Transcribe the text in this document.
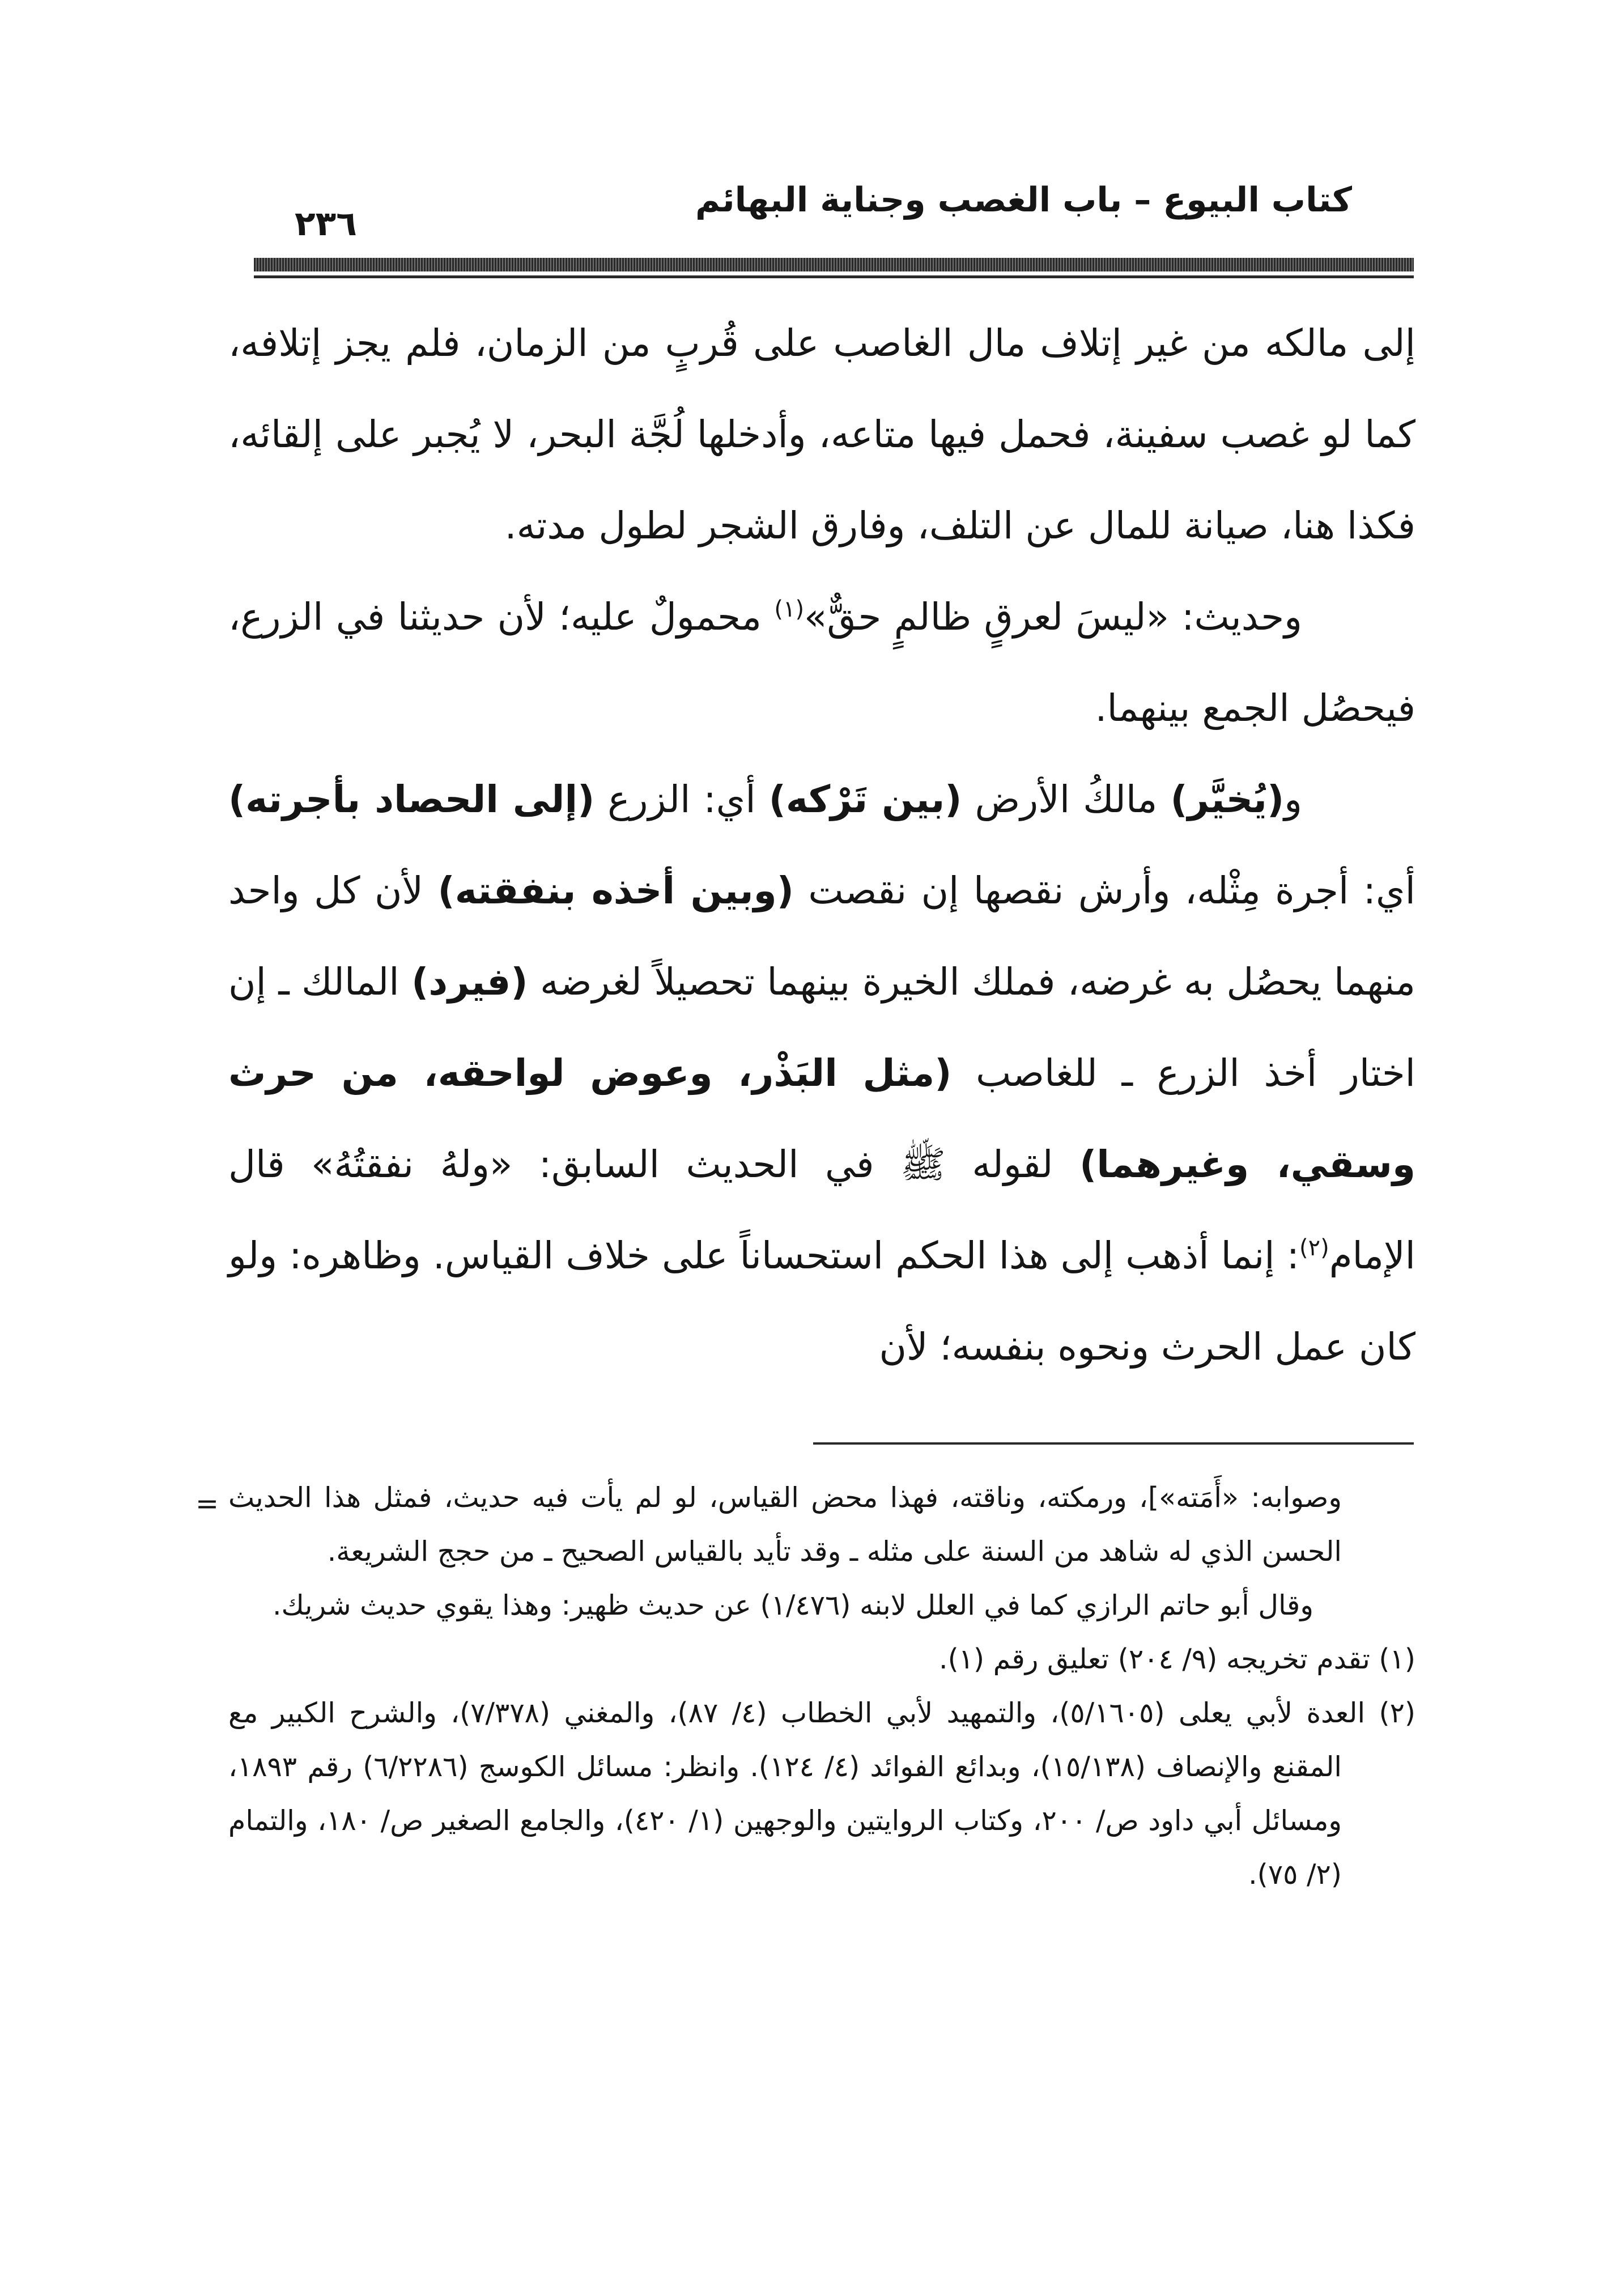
كتاب البيوع – باب الغصب وجناية البهائم
٢٣٦

إلى مالكه من غير إتلاف مال الغاصب على قُربٍ من الزمان، فلم يجز إتلافه، كما لو غصب سفينة، فحمل فيها متاعه، وأدخلها لُجَّة البحر، لا يُجبر على إلقائه، فكذا هنا، صيانة للمال عن التلف، وفارق الشجر لطول مدته.

وحديث: «ليسَ لعرقٍ ظالمٍ حقٌّ»$^{(١)}$ محمولٌ عليه؛ لأن حديثنا في الزرع، فيحصُل الجمع بينهما.

و(يُخيَّر) مالكُ الأرض (بين تَرْكه) أي: الزرع (إلى الحصاد بأجرته) أي: أجرة مِثْله، وأرش نقصها إن نقصت (وبين أخذه بنفقته) لأن كل واحد منهما يحصُل به غرضه، فملك الخيرة بينهما تحصيلاً لغرضه (فيرد) المالك ـ إن اختار أخذ الزرع ـ للغاصب (مثل البَذْر، وعوض لواحقه، من حرث وسقي، وغيرهما) لقوله ﷺ في الحديث السابق: «ولهُ نفقتُهُ» قال الإمام$^{(٢)}$: إنما أذهب إلى هذا الحكم استحساناً على خلاف القياس. وظاهره: ولو كان عمل الحرث ونحوه بنفسه؛ لأن

= وصوابه: «أَمَته»]، ورمكته، وناقته، فهذا محض القياس، لو لم يأت فيه حديث، فمثل هذا الحديث الحسن الذي له شاهد من السنة على مثله ـ وقد تأيد بالقياس الصحيح ـ من حجج الشريعة.

وقال أبو حاتم الرازي كما في العلل لابنه (١/٤٧٦) عن حديث ظهير: وهذا يقوي حديث شريك.

(١) تقدم تخريجه (٩/ ٢٠٤) تعليق رقم (١).

(٢) العدة لأبي يعلى (٥/١٦٠٥)، والتمهيد لأبي الخطاب (٤/ ٨٧)، والمغني (٧/٣٧٨)، والشرح الكبير مع المقنع والإنصاف (١٥/١٣٨)، وبدائع الفوائد (٤/ ١٢٤). وانظر: مسائل الكوسج (٦/٢٢٨٦) رقم ١٨٩٣، ومسائل أبي داود ص/ ٢٠٠، وكتاب الروايتين والوجهين (١/ ٤٢٠)، والجامع الصغير ص/ ١٨٠، والتمام (٢/ ٧٥).
